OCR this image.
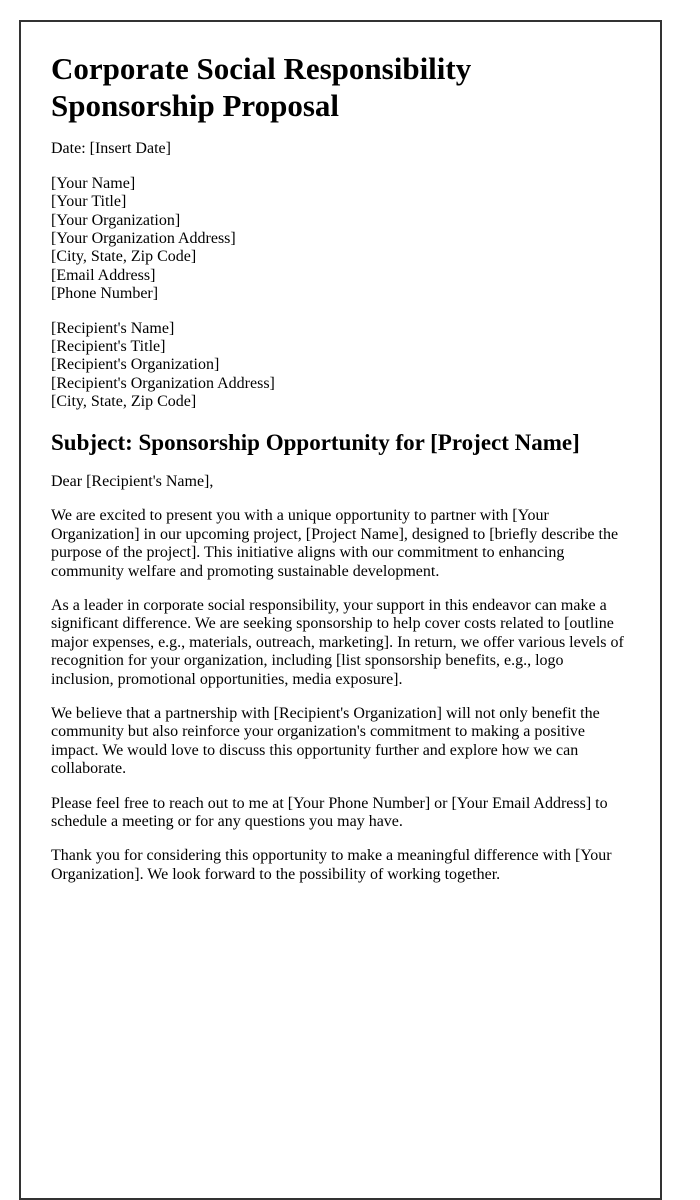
Corporate Social Responsibility Sponsorship Proposal

Date: [Insert Date]

[Your Name]
[Your Title]
[Your Organization]
[Your Organization Address]
[City, State, Zip Code]
[Email Address]
[Phone Number]

[Recipient's Name]
[Recipient's Title]
[Recipient's Organization]
[Recipient's Organization Address]
[City, State, Zip Code]

Subject: Sponsorship Opportunity for [Project Name]

Dear [Recipient's Name],

We are excited to present you with a unique opportunity to partner with [Your Organization] in our upcoming project, [Project Name], designed to [briefly describe the purpose of the project]. This initiative aligns with our commitment to enhancing community welfare and promoting sustainable development.

As a leader in corporate social responsibility, your support in this endeavor can make a significant difference. We are seeking sponsorship to help cover costs related to [outline major expenses, e.g., materials, outreach, marketing]. In return, we offer various levels of recognition for your organization, including [list sponsorship benefits, e.g., logo inclusion, promotional opportunities, media exposure].

We believe that a partnership with [Recipient's Organization] will not only benefit the community but also reinforce your organization's commitment to making a positive impact. We would love to discuss this opportunity further and explore how we can collaborate.

Please feel free to reach out to me at [Your Phone Number] or [Your Email Address] to schedule a meeting or for any questions you may have.

Thank you for considering this opportunity to make a meaningful difference with [Your Organization]. We look forward to the possibility of working together.
